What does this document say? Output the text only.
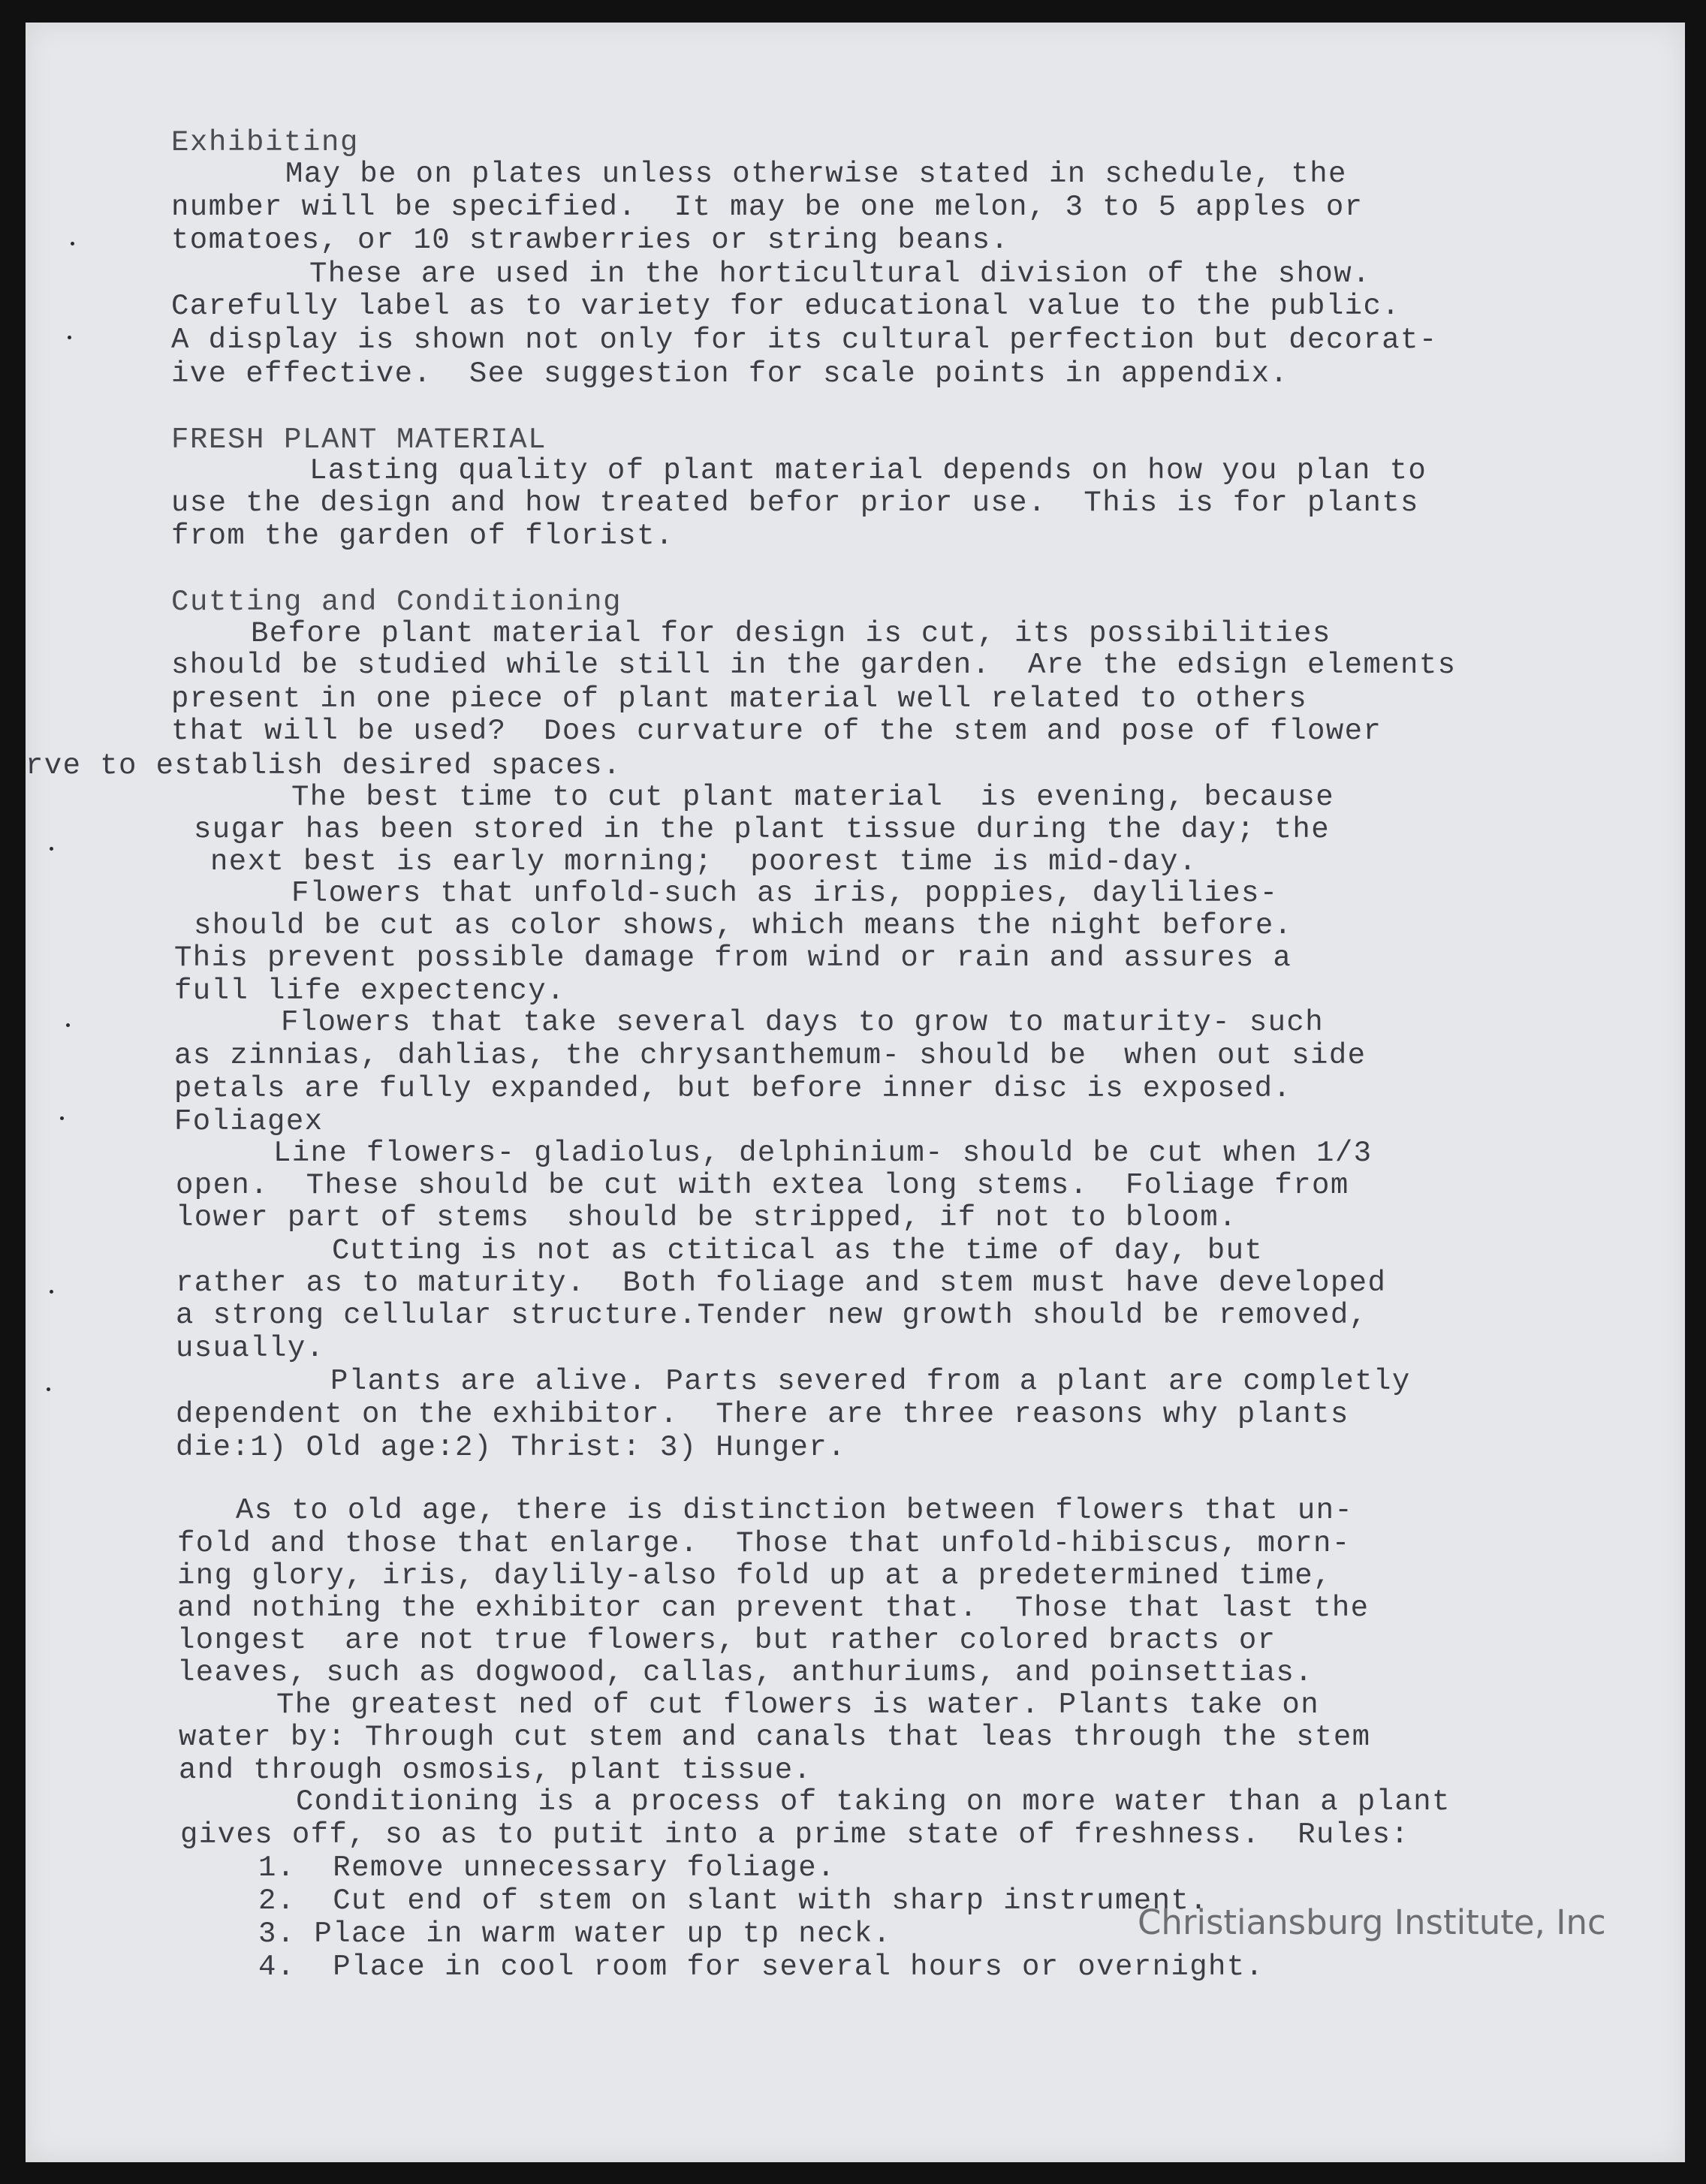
Exhibiting
May be on plates unless otherwise stated in schedule, the
number will be specified.  It may be one melon, 3 to 5 apples or
tomatoes, or 10 strawberries or string beans.
These are used in the horticultural division of the show.
Carefully label as to variety for educational value to the public.
A display is shown not only for its cultural perfection but decorat-
ive effective.  See suggestion for scale points in appendix.
FRESH PLANT MATERIAL
Lasting quality of plant material depends on how you plan to
use the design and how treated befor prior use.  This is for plants
from the garden of florist.
Cutting and Conditioning
Before plant material for design is cut, its possibilities
should be studied while still in the garden.  Are the edsign elements
present in one piece of plant material well related to others
that will be used?  Does curvature of the stem and pose of flower
rve to establish desired spaces.
The best time to cut plant material  is evening, because
sugar has been stored in the plant tissue during the day; the
next best is early morning;  poorest time is mid-day.
Flowers that unfold-such as iris, poppies, daylilies-
should be cut as color shows, which means the night before.
This prevent possible damage from wind or rain and assures a
full life expectency.
Flowers that take several days to grow to maturity- such
as zinnias, dahlias, the chrysanthemum- should be  when out side
petals are fully expanded, but before inner disc is exposed.
Foliagex
Line flowers- gladiolus, delphinium- should be cut when 1/3
open.  These should be cut with extea long stems.  Foliage from
lower part of stems  should be stripped, if not to bloom.
Cutting is not as ctitical as the time of day, but
rather as to maturity.  Both foliage and stem must have developed
a strong cellular structure.Tender new growth should be removed,
usually.
Plants are alive. Parts severed from a plant are completly
dependent on the exhibitor.  There are three reasons why plants
die:1) Old age:2) Thrist: 3) Hunger.
As to old age, there is distinction between flowers that un-
fold and those that enlarge.  Those that unfold-hibiscus, morn-
ing glory, iris, daylily-also fold up at a predetermined time,
and nothing the exhibitor can prevent that.  Those that last the
longest  are not true flowers, but rather colored bracts or
leaves, such as dogwood, callas, anthuriums, and poinsettias.
The greatest ned of cut flowers is water. Plants take on
water by: Through cut stem and canals that leas through the stem
and through osmosis, plant tissue.
Conditioning is a process of taking on more water than a plant
gives off, so as to putit into a prime state of freshness.  Rules:
1.  Remove unnecessary foliage.
2.  Cut end of stem on slant with sharp instrument.
3. Place in warm water up tp neck.
4.  Place in cool room for several hours or overnight.
Christiansburg Institute, Inc
